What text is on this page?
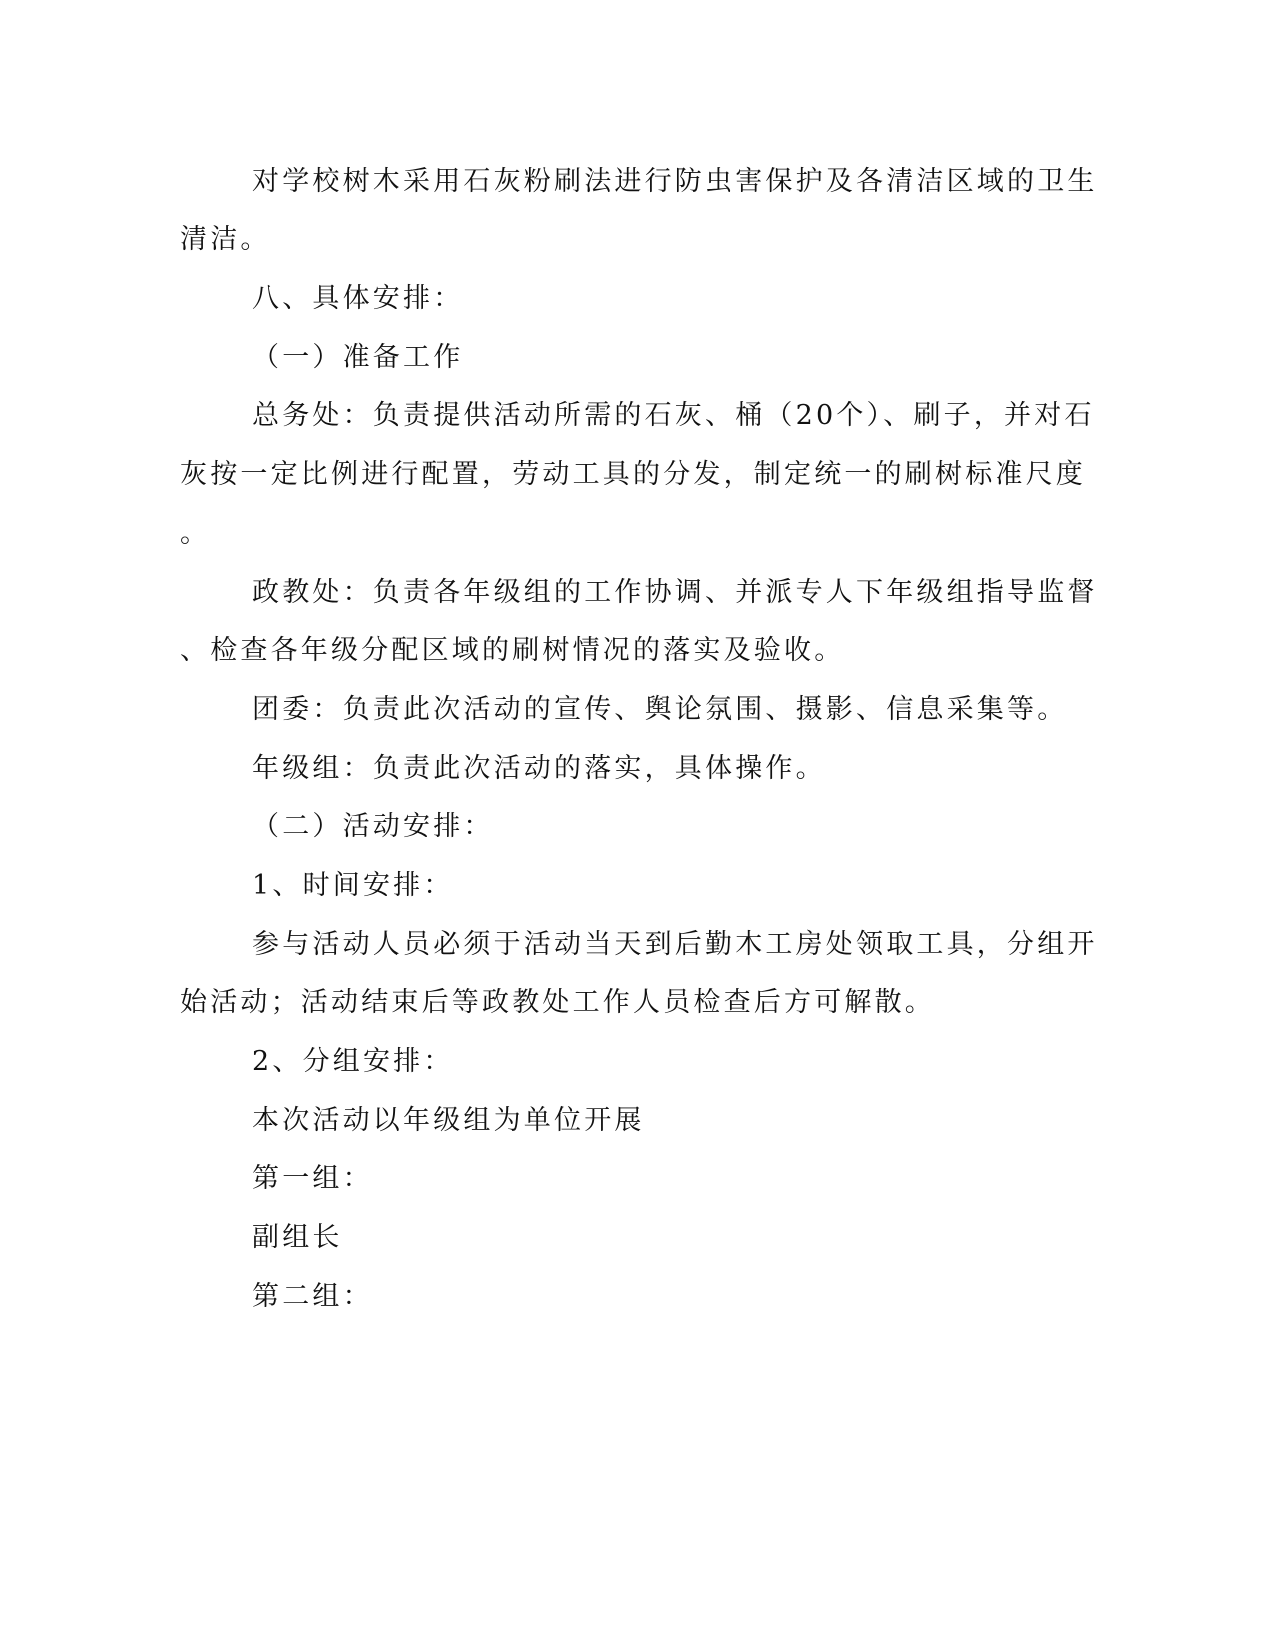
对学校树木采用石灰粉刷法进行防虫害保护及各清洁区域的卫生
清洁。
八、具体安排：
（一）准备工作
总务处：负责提供活动所需的石灰、桶（20个）、刷子，并对石
灰按一定比例进行配置，劳动工具的分发，制定统一的刷树标准尺度
。
政教处：负责各年级组的工作协调、并派专人下年级组指导监督
、检查各年级分配区域的刷树情况的落实及验收。
团委：负责此次活动的宣传、舆论氛围、摄影、信息采集等。
年级组：负责此次活动的落实，具体操作。
（二）活动安排：
1、时间安排：
参与活动人员必须于活动当天到后勤木工房处领取工具，分组开
始活动；活动结束后等政教处工作人员检查后方可解散。
2、分组安排：
本次活动以年级组为单位开展
第一组：
副组长
第二组：
